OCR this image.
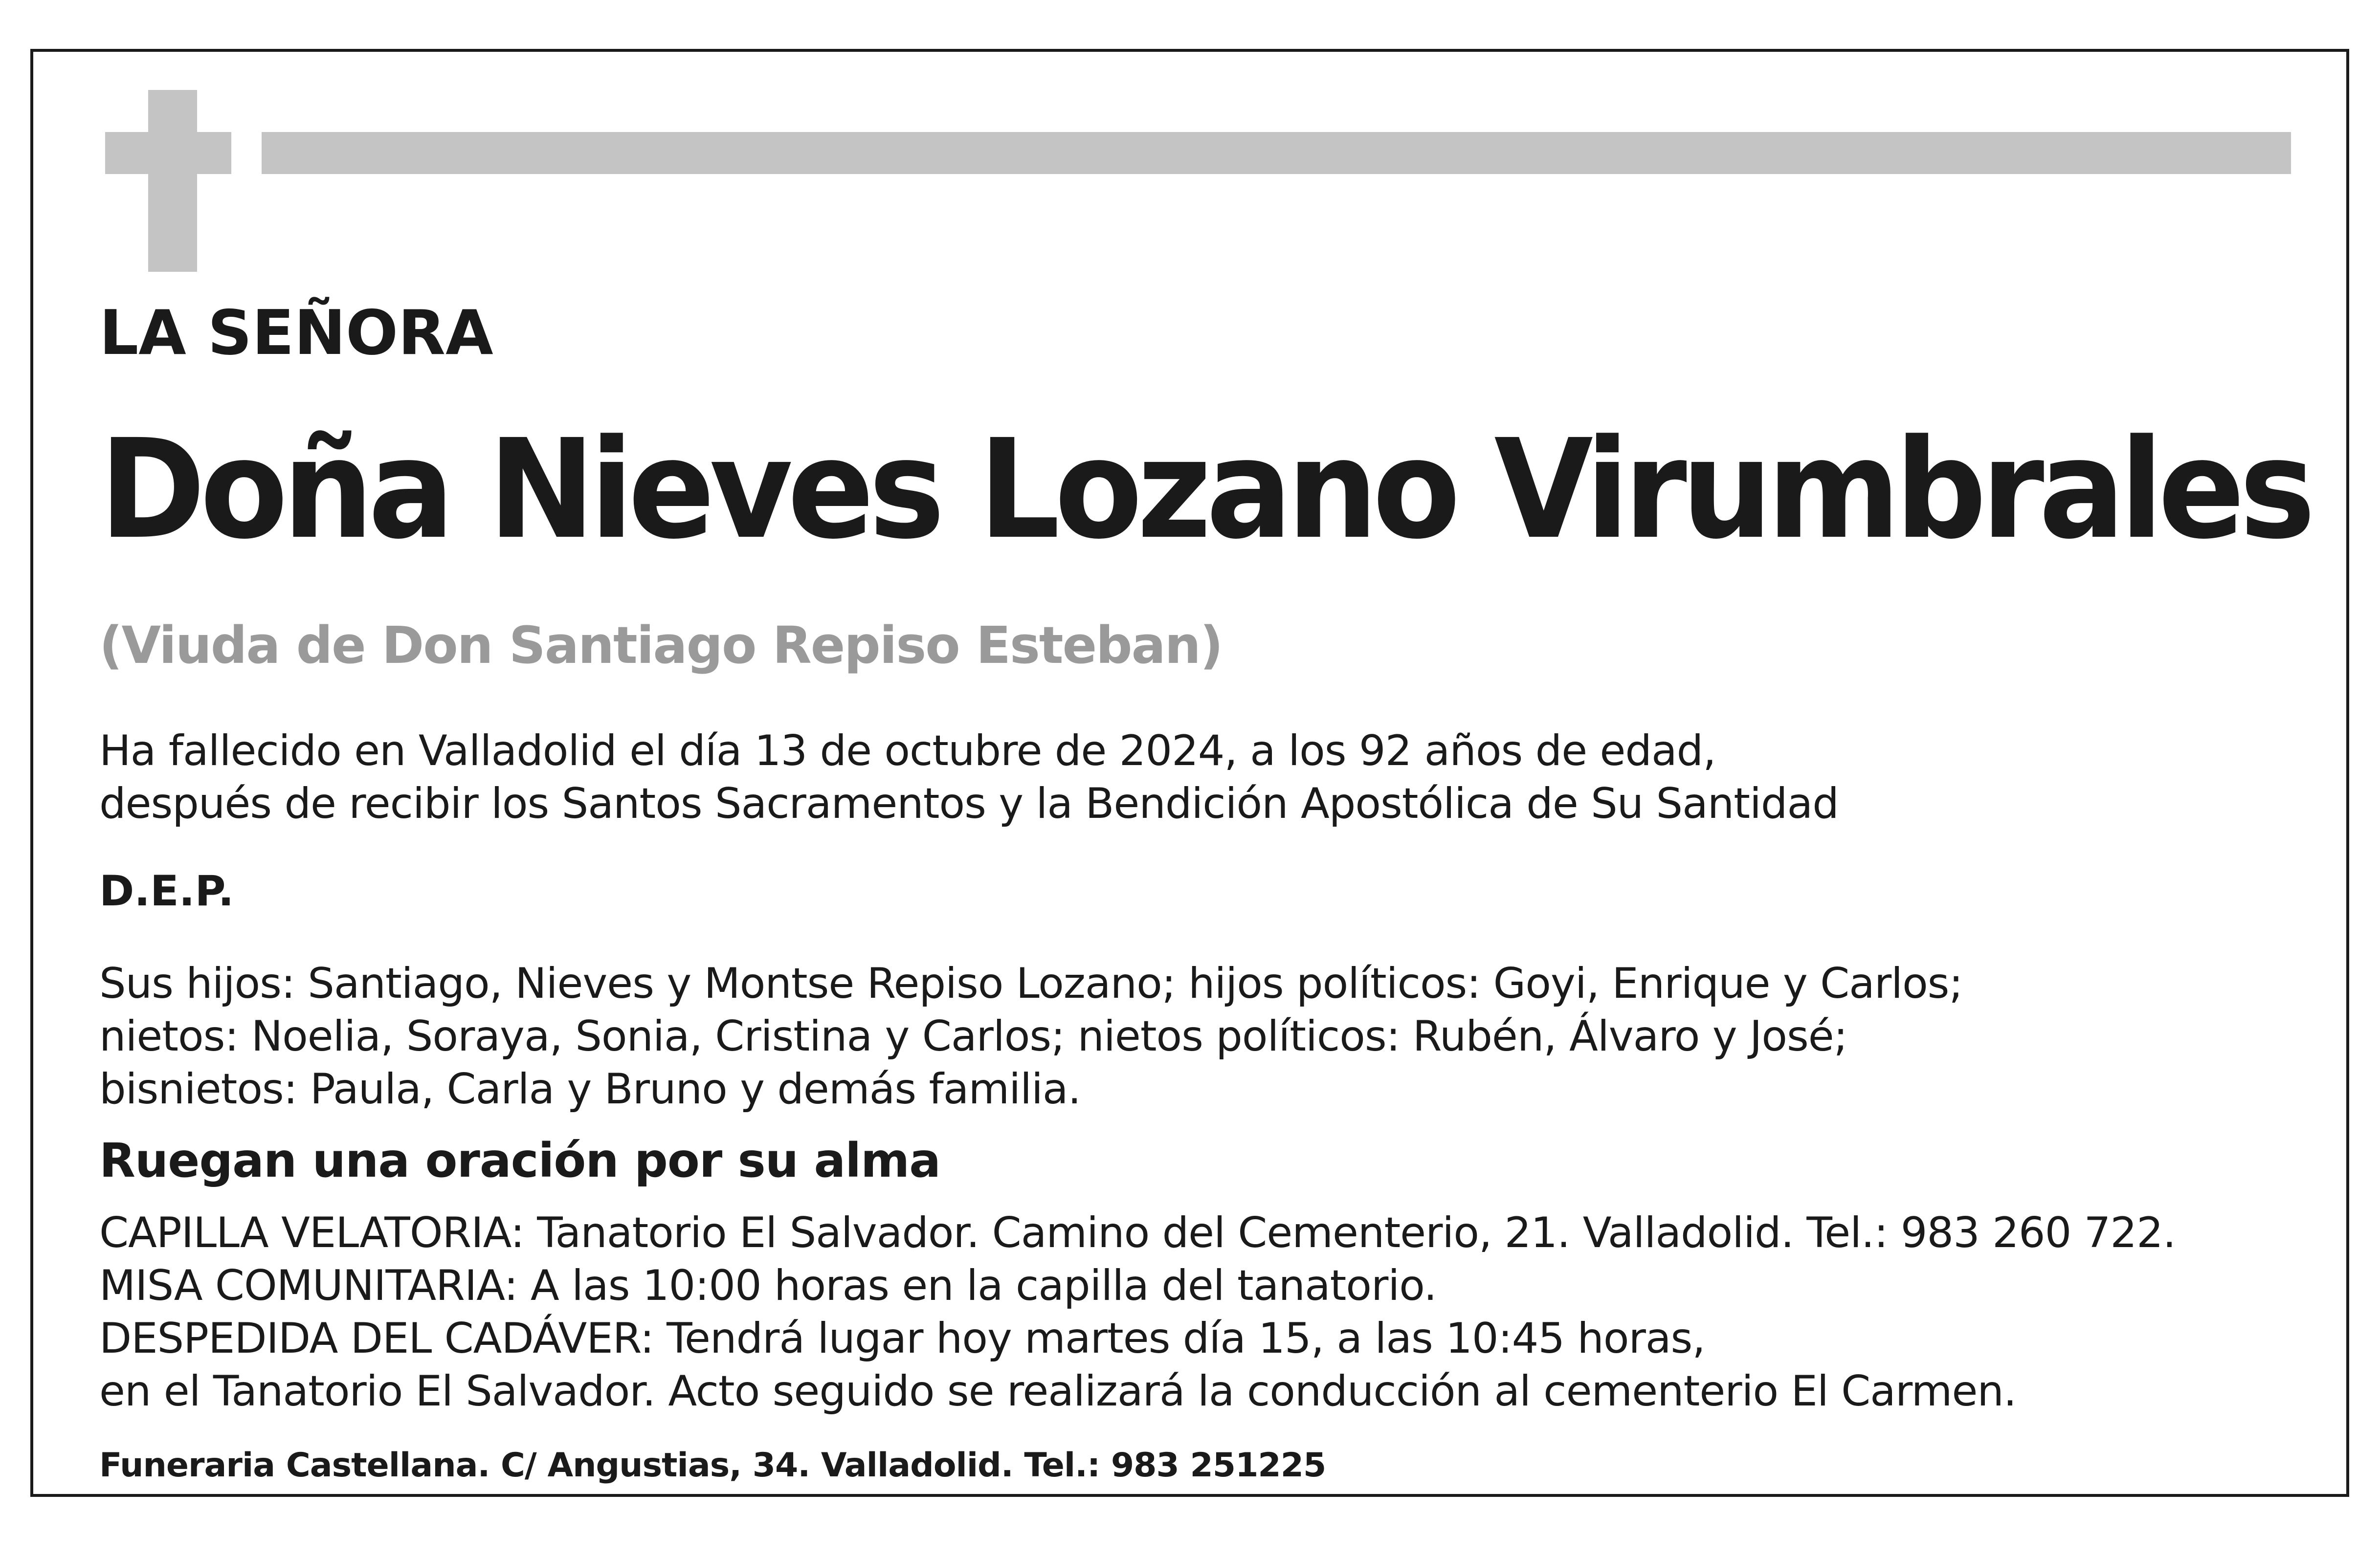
LA SEÑORA

Doña Nieves Lozano Virumbrales

(Viuda de Don Santiago Repiso Esteban)

Ha fallecido en Valladolid el día 13 de octubre de 2024, a los 92 años de edad,
después de recibir los Santos Sacramentos y la Bendición Apostólica de Su Santidad

D.E.P.

Sus hijos: Santiago, Nieves y Montse Repiso Lozano; hijos políticos: Goyi, Enrique y Carlos;
nietos: Noelia, Soraya, Sonia, Cristina y Carlos; nietos políticos: Rubén, Álvaro y José;
bisnietos: Paula, Carla y Bruno y demás familia.

Ruegan una oración por su alma

CAPILLA VELATORIA: Tanatorio El Salvador. Camino del Cementerio, 21. Valladolid. Tel.: 983 260 722.
MISA COMUNITARIA: A las 10:00 horas en la capilla del tanatorio.
DESPEDIDA DEL CADÁVER: Tendrá lugar hoy martes día 15, a las 10:45 horas,
en el Tanatorio El Salvador. Acto seguido se realizará la conducción al cementerio El Carmen.

Funeraria Castellana. C/ Angustias, 34. Valladolid. Tel.: 983 251225
